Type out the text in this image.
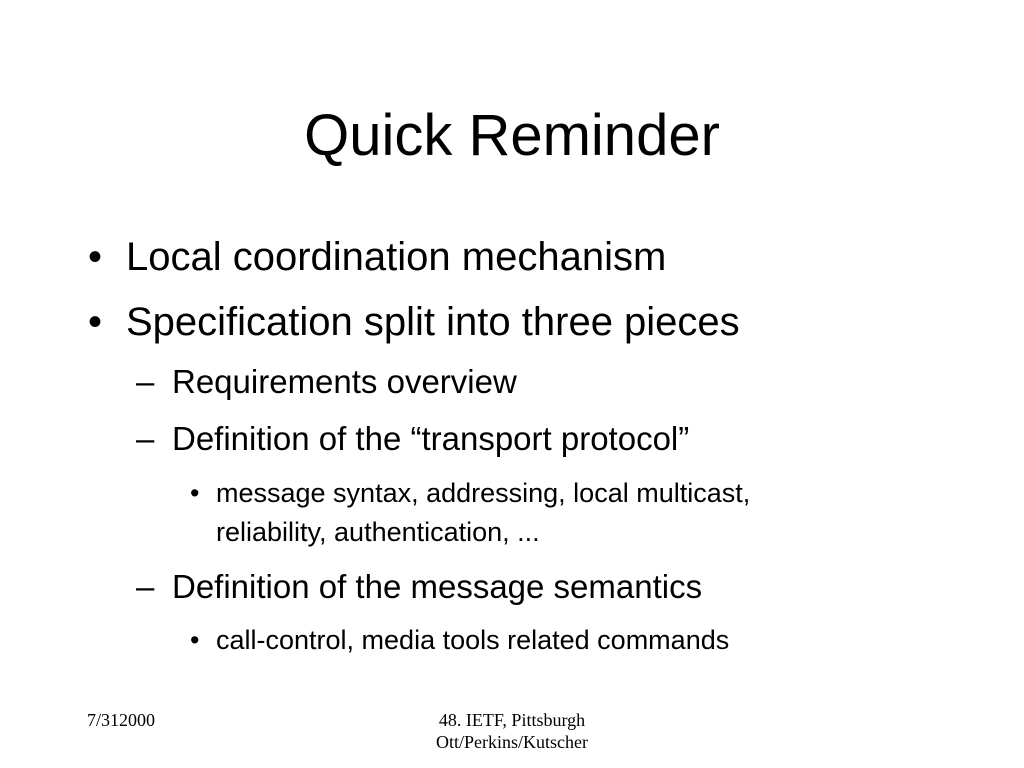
Quick Reminder
• Local coordination mechanism
• Specification split into three pieces
– Requirements overview
– Definition of the “transport protocol”
• message syntax, addressing, local multicast,
reliability, authentication, ...
– Definition of the message semantics
• call-control, media tools related commands
7/312000	48. IETF, Pittsburgh
Ott/Perkins/Kutscher
